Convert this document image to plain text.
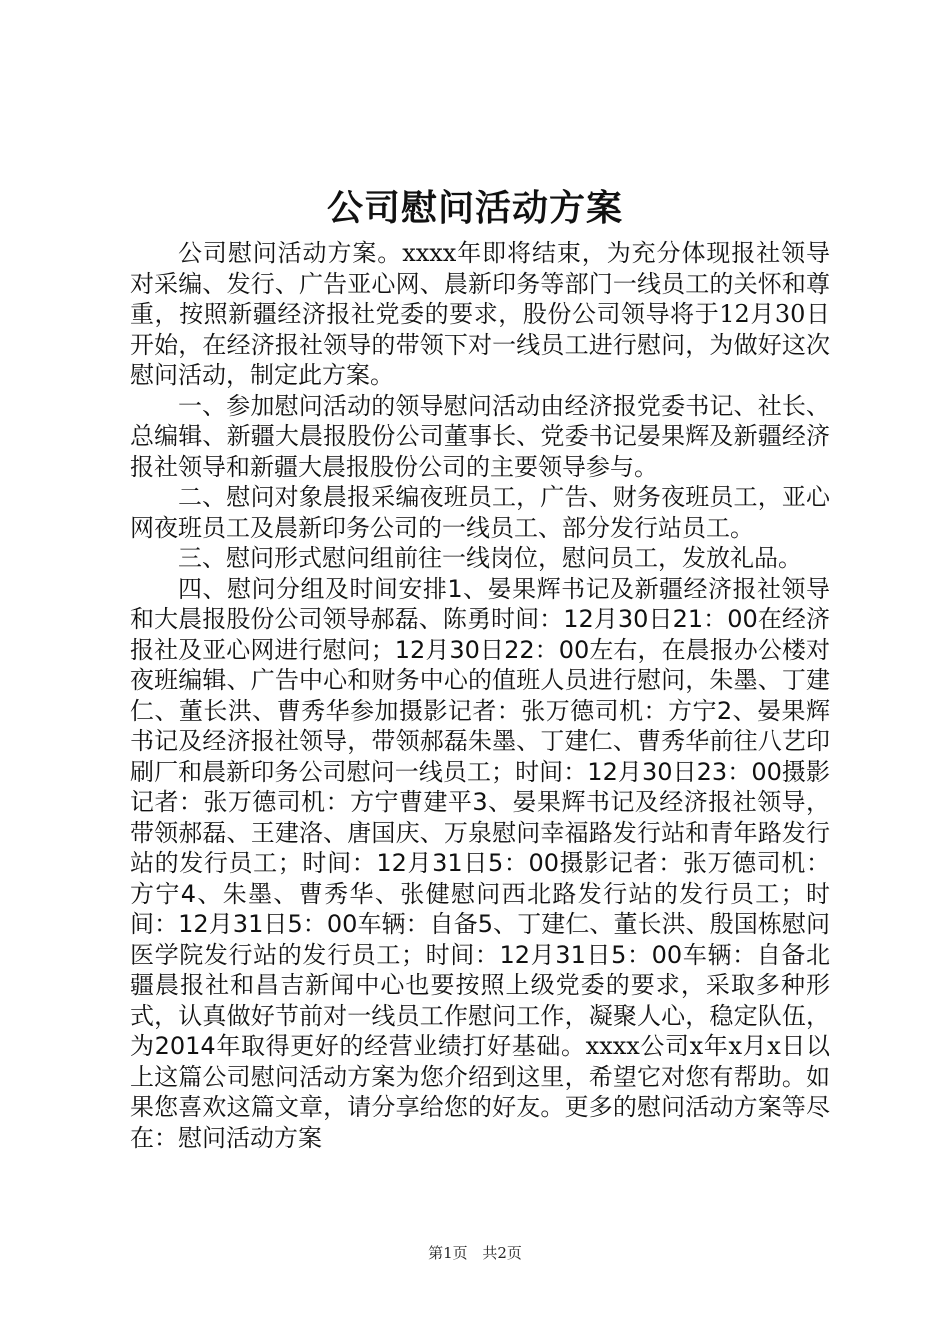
公司慰问活动方案

公司慰问活动方案。xxxx年即将结束，为充分体现报社领导对采编、发行、广告亚心网、晨新印务等部门一线员工的关怀和尊重，按照新疆经济报社党委的要求，股份公司领导将于12月30日开始，在经济报社领导的带领下对一线员工进行慰问，为做好这次慰问活动，制定此方案。

一、参加慰问活动的领导慰问活动由经济报党委书记、社长、总编辑、新疆大晨报股份公司董事长、党委书记晏果辉及新疆经济报社领导和新疆大晨报股份公司的主要领导参与。

二、慰问对象晨报采编夜班员工，广告、财务夜班员工，亚心网夜班员工及晨新印务公司的一线员工、部分发行站员工。

三、慰问形式慰问组前往一线岗位，慰问员工，发放礼品。

四、慰问分组及时间安排1、晏果辉书记及新疆经济报社领导和大晨报股份公司领导郝磊、陈勇时间：12月30日21：00在经济报社及亚心网进行慰问；12月30日22：00左右，在晨报办公楼对夜班编辑、广告中心和财务中心的值班人员进行慰问，朱墨、丁建仁、董长洪、曹秀华参加摄影记者：张万德司机：方宁2、晏果辉书记及经济报社领导，带领郝磊朱墨、丁建仁、曹秀华前往八艺印刷厂和晨新印务公司慰问一线员工；时间：12月30日23：00摄影记者：张万德司机：方宁曹建平3、晏果辉书记及经济报社领导，带领郝磊、王建洛、唐国庆、万泉慰问幸福路发行站和青年路发行站的发行员工；时间：12月31日5：00摄影记者：张万德司机：方宁4、朱墨、曹秀华、张健慰问西北路发行站的发行员工；时间：12月31日5：00车辆：自备5、丁建仁、董长洪、殷国栋慰问医学院发行站的发行员工；时间：12月31日5：00车辆：自备北疆晨报社和昌吉新闻中心也要按照上级党委的要求，采取多种形式，认真做好节前对一线员工作慰问工作，凝聚人心，稳定队伍，为2014年取得更好的经营业绩打好基础。xxxx公司x年x月x日以上这篇公司慰问活动方案为您介绍到这里，希望它对您有帮助。如果您喜欢这篇文章，请分享给您的好友。更多的慰问活动方案等尽在：慰问活动方案

第1页 共2页
